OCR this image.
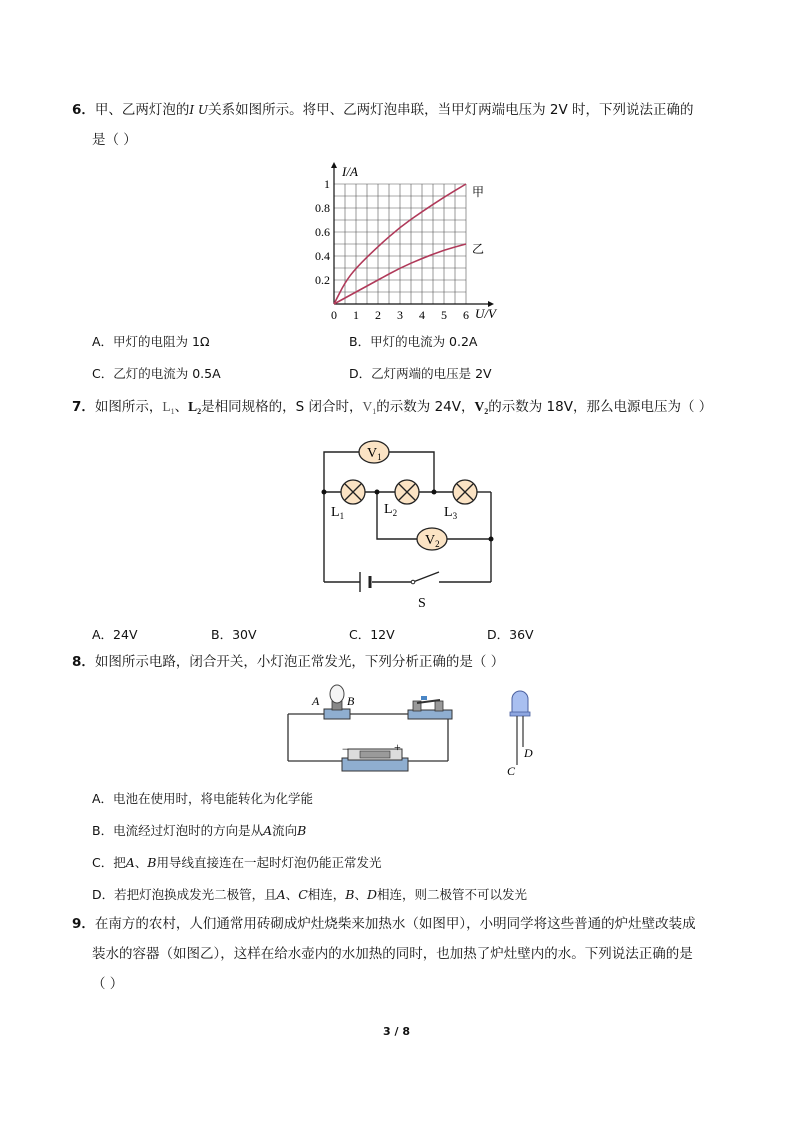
6．甲、乙两灯泡的I U关系如图所示。将甲、乙两灯泡串联，当甲灯两端电压为 2V 时，下列说法正确的
是（ ）
0 1 2 3 4 5 6
0.2
0.4
0.6
0.8
1
I/A
U/V
甲
乙
A．甲灯的电阻为 1Ω	B．甲灯的电流为 0.2A
C．乙灯的电流为 0.5A	D．乙灯两端的电压是 2V
7．如图所示，$L_1$、$L_2$是相同规格的，S 闭合时，$V_1$的示数为 24V，$V_2$的示数为 18V，那么电源电压为（ ）
$V_1$
$V_2$
$L_1$	$L_2$	$L_3$
S
A．24V	B．30V	C．12V	D．36V
8．如图所示电路，闭合开关，小灯泡正常发光，下列分析正确的是（ ）
A B
−	+	D
C
A．电池在使用时，将电能转化为化学能
B．电流经过灯泡时的方向是从A流向B
C．把A、B用导线直接连在一起时灯泡仍能正常发光
D．若把灯泡换成发光二极管，且A、C相连，B、D相连，则二极管不可以发光
9．在南方的农村，人们通常用砖砌成炉灶烧柴来加热水（如图甲），小明同学将这些普通的炉灶壁改装成
装水的容器（如图乙），这样在给水壶内的水加热的同时，也加热了炉灶壁内的水。下列说法正确的是
（ ）
3 / 8
